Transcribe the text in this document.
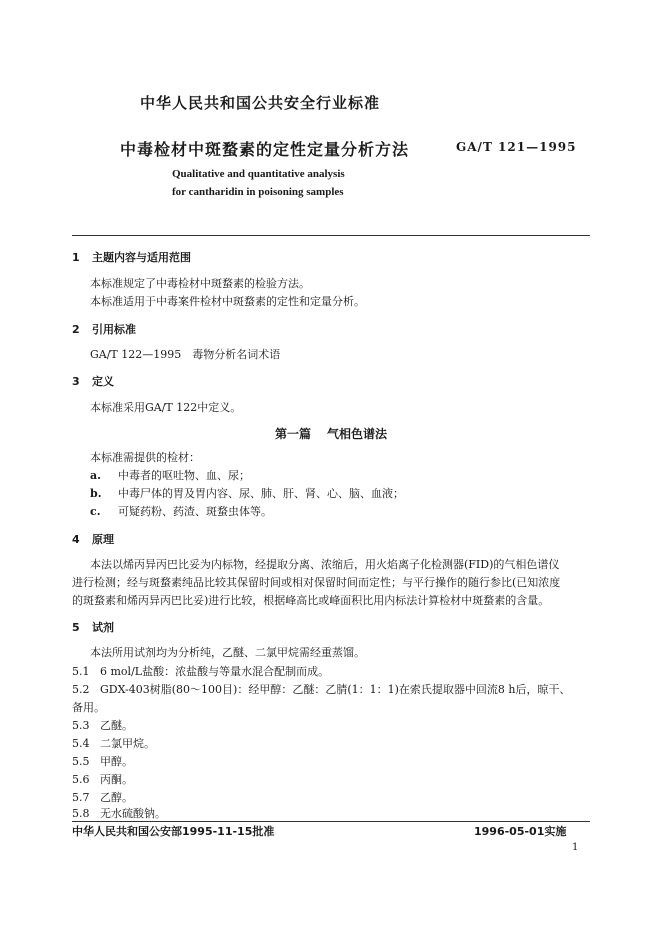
中华人民共和国公共安全行业标准
中毒检材中斑蝥素的定性定量分析方法	GA/T 121—1995
Qualitative and quantitative analysis
for cantharidin in poisoning samples
1 主题内容与适用范围
本标准规定了中毒检材中斑蝥素的检验方法。
本标准适用于中毒案件检材中斑蝥素的定性和定量分析。
2 引用标准
GA/T 122—1995　毒物分析名词术语
3 定义
本标准采用GA/T 122中定义。
第一篇 气相色谱法
本标准需提供的检材：
a. 中毒者的呕吐物、血、尿；
b. 中毒尸体的胃及胃内容、尿、肺、肝、肾、心、脑、血液；
c. 可疑药粉、药渣、斑蝥虫体等。
4 原理
本法以烯丙异丙巴比妥为内标物，经提取分离、浓缩后，用火焰离子化检测器(FID)的气相色谱仪
进行检测；经与斑蝥素纯品比较其保留时间或相对保留时间而定性；与平行操作的随行参比(已知浓度
的斑蝥素和烯丙异丙巴比妥)进行比较，根据峰高比或峰面积比用内标法计算检材中斑蝥素的含量。
5 试剂
本法所用试剂均为分析纯，乙醚、二氯甲烷需经重蒸馏。
5.1 6 mol/L盐酸：浓盐酸与等量水混合配制而成。
5.2 GDX-403树脂(80～100目)：经甲醇：乙醚：乙腈(1：1：1)在索氏提取器中回流8 h后，晾干、
备用。
5.3 乙醚。
5.4 二氯甲烷。
5.5 甲醇。
5.6 丙酮。
5.7 乙醇。
5.8 无水硫酸钠。
中华人民共和国公安部1995-11-15批准	1996-05-01实施
1
